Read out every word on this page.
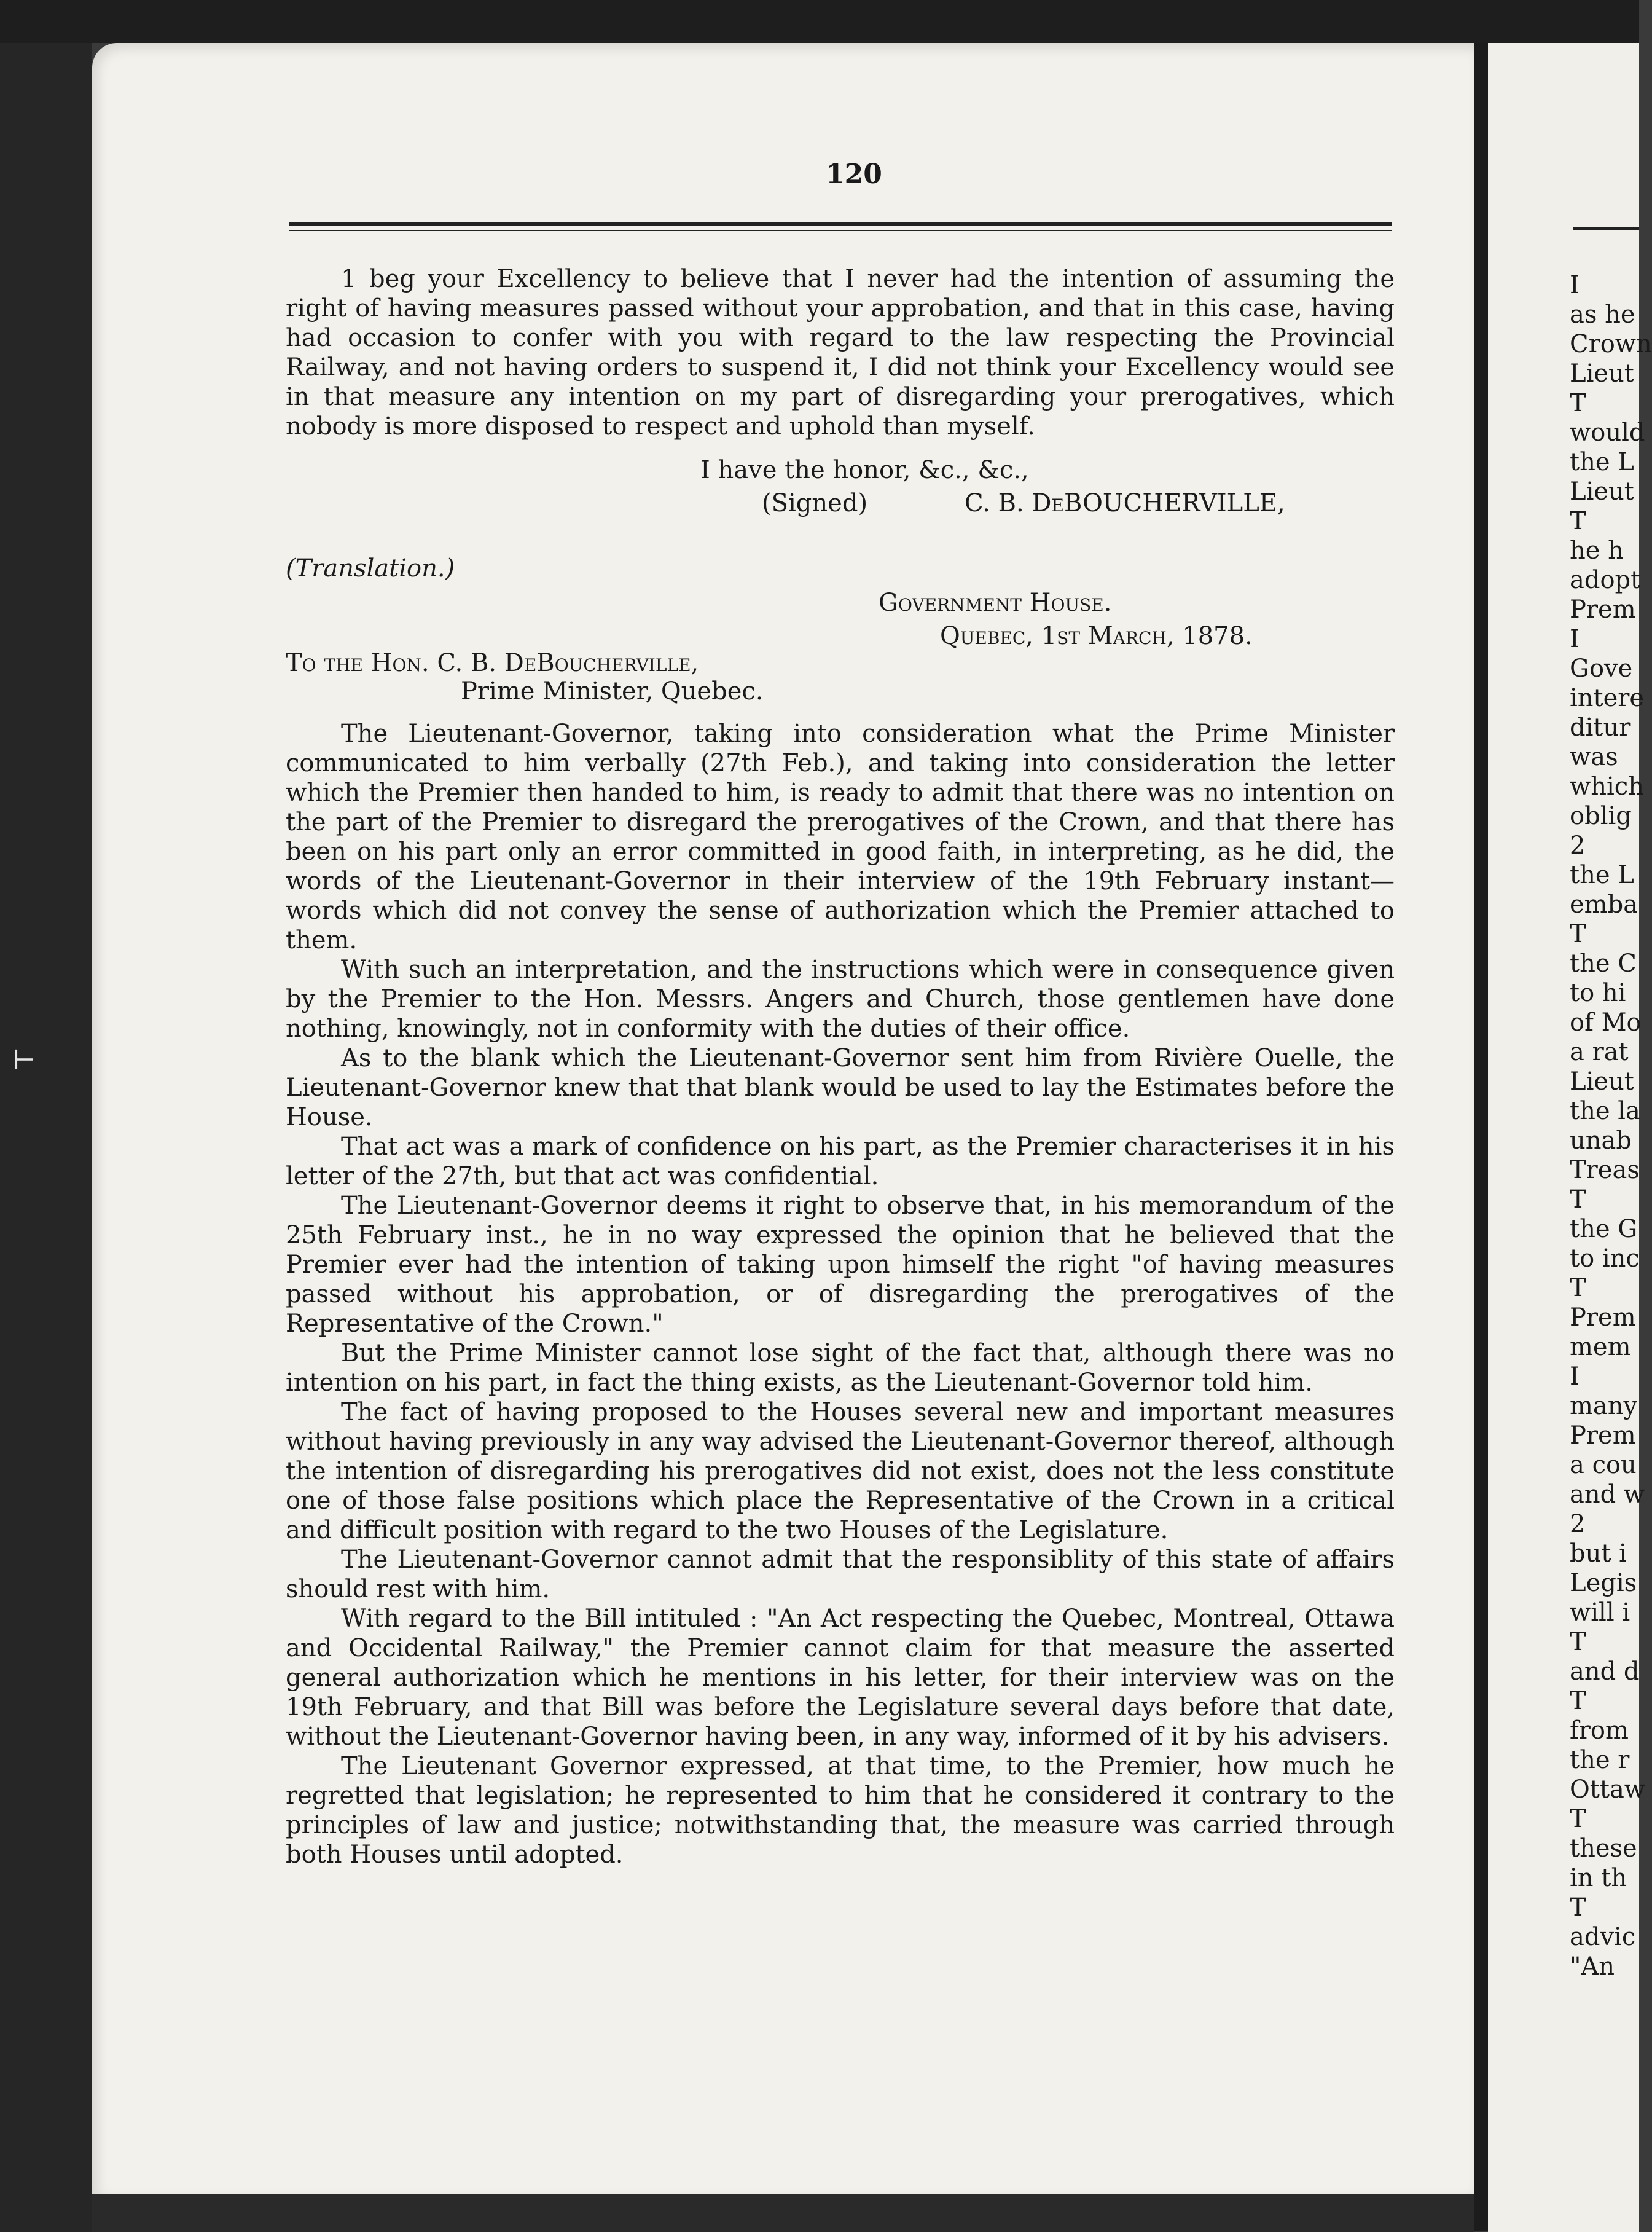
⊢
120
1 beg your Excellency to believe that I never had the intention of assuming the right of having measures passed without your approbation, and that in this case, having had occasion to confer with you with regard to the law respecting the Provincial Railway, and not having orders to suspend it, I did not think your Excellency would see in that measure any intention on my part of disregarding your prerogatives, which nobody is more disposed to respect and uphold than myself.
I have the honor, &c., &c.,
(Signed)	C. B. DeBOUCHERVILLE,
(Translation.)
Government House.
Quebec, 1st March, 1878.
To the Hon. C. B. DeBoucherville,
Prime Minister, Quebec.

The Lieutenant-Governor, taking into consideration what the Prime Minister communicated to him verbally (27th Feb.), and taking into consideration the letter which the Premier then handed to him, is ready to admit that there was no intention on the part of the Premier to disregard the prerogatives of the Crown, and that there has been on his part only an error committed in good faith, in interpreting, as he did, the words of the Lieutenant-Governor in their interview of the 19th February instant—words which did not convey the sense of authorization which the Premier attached to them.

With such an interpretation, and the instructions which were in consequence given by the Premier to the Hon. Messrs. Angers and Church, those gentlemen have done nothing, knowingly, not in conformity with the duties of their office.

As to the blank which the Lieutenant-Governor sent him from Rivière Ouelle, the Lieutenant-Governor knew that that blank would be used to lay the Estimates before the House.

That act was a mark of confidence on his part, as the Premier characterises it in his letter of the 27th, but that act was confidential.

The Lieutenant-Governor deems it right to observe that, in his memorandum of the 25th February inst., he in no way expressed the opinion that he believed that the Premier ever had the intention of taking upon himself the right "of having measures passed without his approbation, or of disregarding the prerogatives of the Representative of the Crown."

But the Prime Minister cannot lose sight of the fact that, although there was no intention on his part, in fact the thing exists, as the Lieutenant-Governor told him.

The fact of having proposed to the Houses several new and important measures without having previously in any way advised the Lieutenant-Governor thereof, although the intention of disregarding his prerogatives did not exist, does not the less constitute one of those false positions which place the Representative of the Crown in a critical and difficult position with regard to the two Houses of the Legislature.

The Lieutenant-Governor cannot admit that the responsiblity of this state of affairs should rest with him.

With regard to the Bill intituled : "An Act respecting the Quebec, Montreal, Ottawa and Occidental Railway," the Premier cannot claim for that measure the asserted general authorization which he mentions in his letter, for their interview was on the 19th February, and that Bill was before the Legislature several days before that date, without the Lieutenant-Governor having been, in any way, informed of it by his advisers.

The Lieutenant Governor expressed, at that time, to the Premier, how much he regretted that legislation; he represented to him that he considered it contrary to the principles of law and justice; notwithstanding that, the measure was carried through both Houses until adopted.

I
as he
Crown
Lieut
T
would
the L
Lieut
T
he h
adopt
Prem
I
Gove
intere
ditur
was
which
oblig
2
the L
emba
T
the C
to hi
of Mo
a rat
Lieut
the la
unab
Treas
T
the G
to inc
T
Prem
mem
I
many
Prem
a cou
and w
2
but i
Legis
will i
T
and d
T
from
the r
Ottaw
T
these
in th
T
advic
"An
